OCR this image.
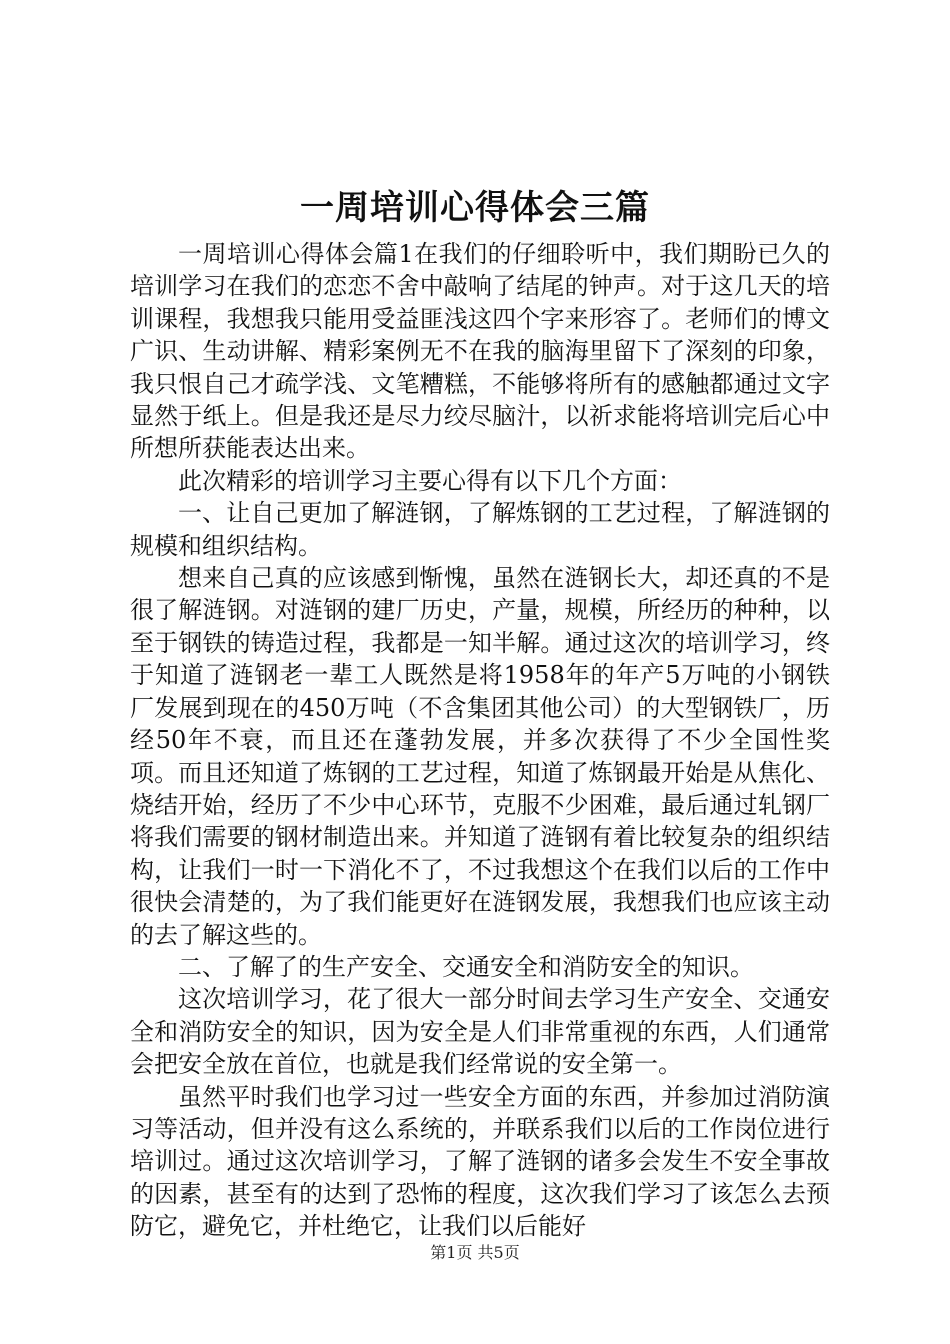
一周培训心得体会三篇

一周培训心得体会篇1在我们的仔细聆听中，我们期盼已久的培训学习在我们的恋恋不舍中敲响了结尾的钟声。对于这几天的培训课程，我想我只能用受益匪浅这四个字来形容了。老师们的博文广识、生动讲解、精彩案例无不在我的脑海里留下了深刻的印象，我只恨自己才疏学浅、文笔糟糕，不能够将所有的感触都通过文字显然于纸上。但是我还是尽力绞尽脑汁，以祈求能将培训完后心中所想所获能表达出来。

此次精彩的培训学习主要心得有以下几个方面：

一、让自己更加了解涟钢，了解炼钢的工艺过程，了解涟钢的规模和组织结构。

想来自己真的应该感到惭愧，虽然在涟钢长大，却还真的不是很了解涟钢。对涟钢的建厂历史，产量，规模，所经历的种种，以至于钢铁的铸造过程，我都是一知半解。通过这次的培训学习，终于知道了涟钢老一辈工人既然是将1958年的年产5万吨的小钢铁厂发展到现在的450万吨（不含集团其他公司）的大型钢铁厂，历经50年不衰，而且还在蓬勃发展，并多次获得了不少全国性奖项。而且还知道了炼钢的工艺过程，知道了炼钢最开始是从焦化、烧结开始，经历了不少中心环节，克服不少困难，最后通过轧钢厂将我们需要的钢材制造出来。并知道了涟钢有着比较复杂的组织结构，让我们一时一下消化不了，不过我想这个在我们以后的工作中很快会清楚的，为了我们能更好在涟钢发展，我想我们也应该主动的去了解这些的。

二、了解了的生产安全、交通安全和消防安全的知识。

这次培训学习，花了很大一部分时间去学习生产安全、交通安全和消防安全的知识，因为安全是人们非常重视的东西，人们通常会把安全放在首位，也就是我们经常说的安全第一。

虽然平时我们也学习过一些安全方面的东西，并参加过消防演习等活动，但并没有这么系统的，并联系我们以后的工作岗位进行培训过。通过这次培训学习，了解了涟钢的诸多会发生不安全事故的因素，甚至有的达到了恐怖的程度，这次我们学习了该怎么去预防它，避免它，并杜绝它，让我们以后能好

第1页 共5页
